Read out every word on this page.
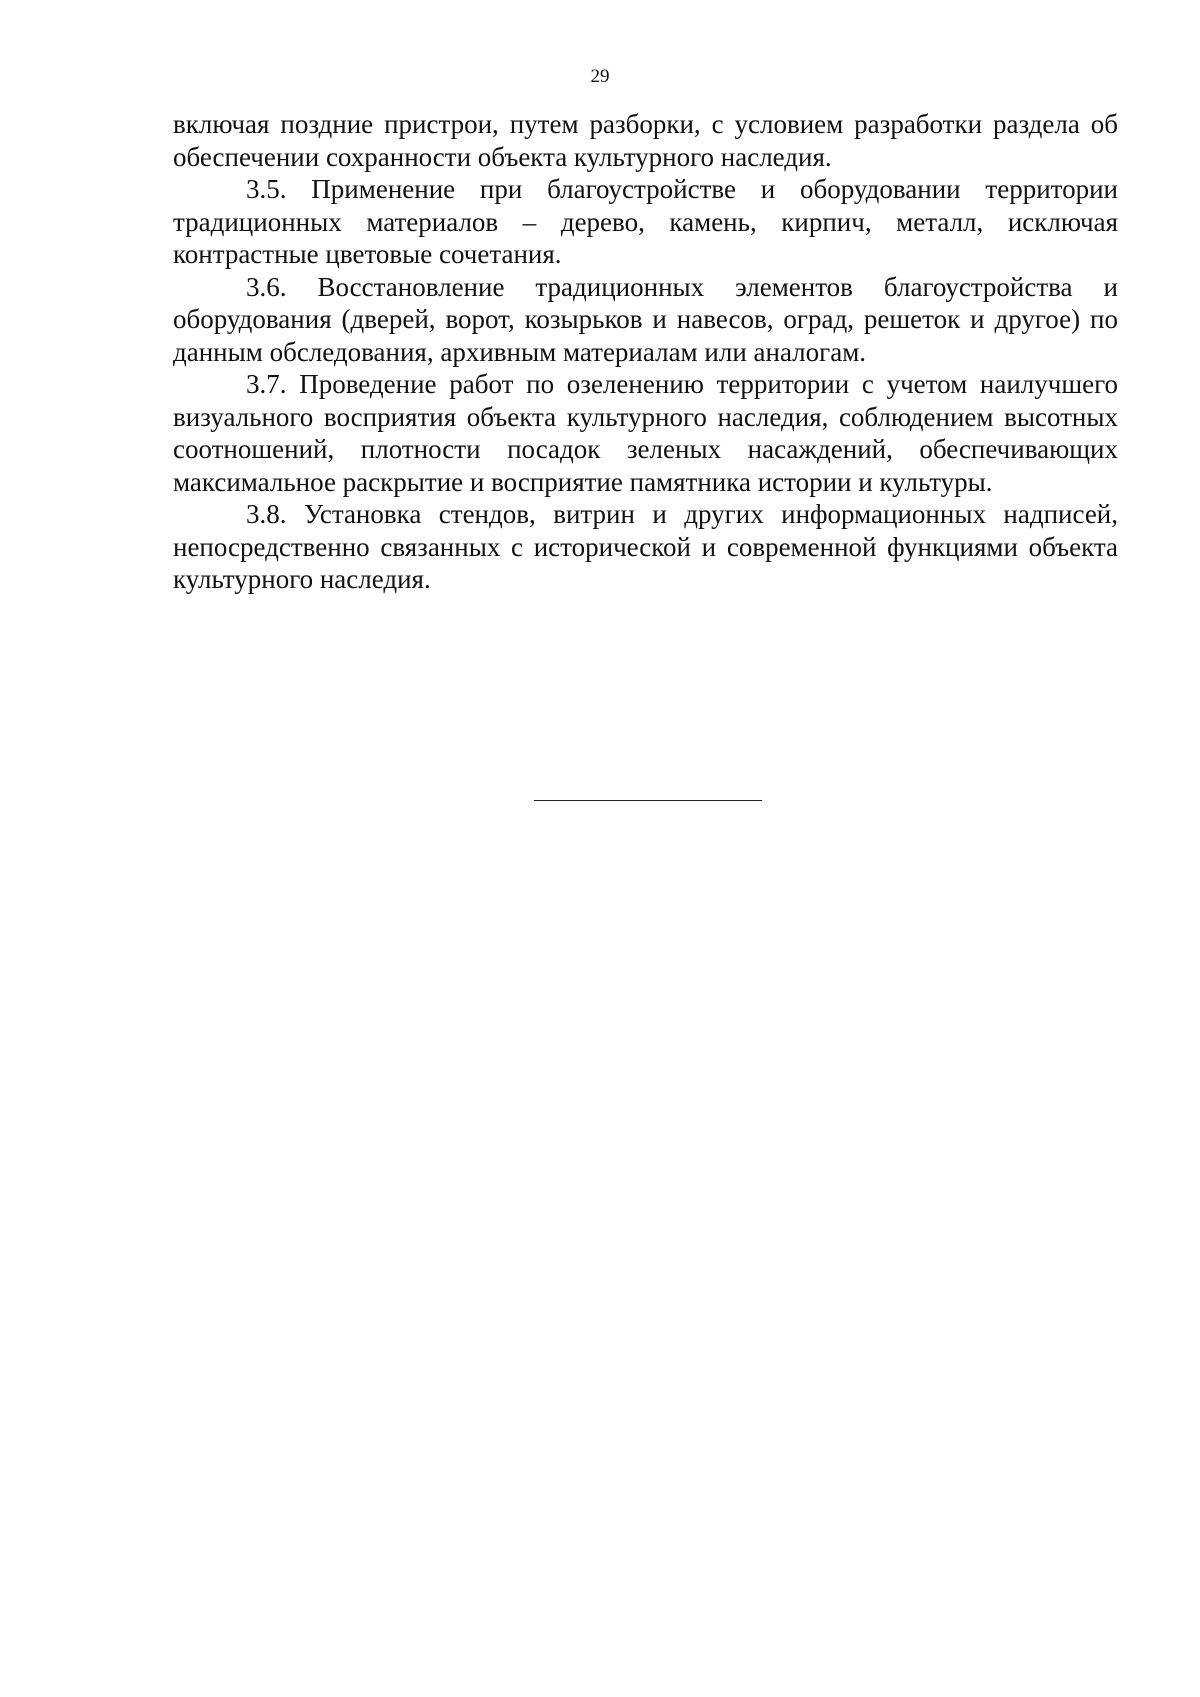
29

включая поздние пристрои, путем разборки, с условием разработки раздела об обеспечении сохранности объекта культурного наследия.

3.5. Применение при благоустройстве и оборудовании территории традиционных материалов – дерево, камень, кирпич, металл, исключая контрастные цветовые сочетания.

3.6. Восстановление традиционных элементов благоустройства и оборудования (дверей, ворот, козырьков и навесов, оград, решеток и другое) по данным обследования, архивным материалам или аналогам.

3.7. Проведение работ по озеленению территории с учетом наилучшего визуального восприятия объекта культурного наследия, соблюдением высотных соотношений, плотности посадок зеленых насаждений, обеспечивающих максимальное раскрытие и восприятие памятника истории и культуры.

3.8. Установка стендов, витрин и других информационных надписей, непосредственно связанных с исторической и современной функциями объекта культурного наследия.
